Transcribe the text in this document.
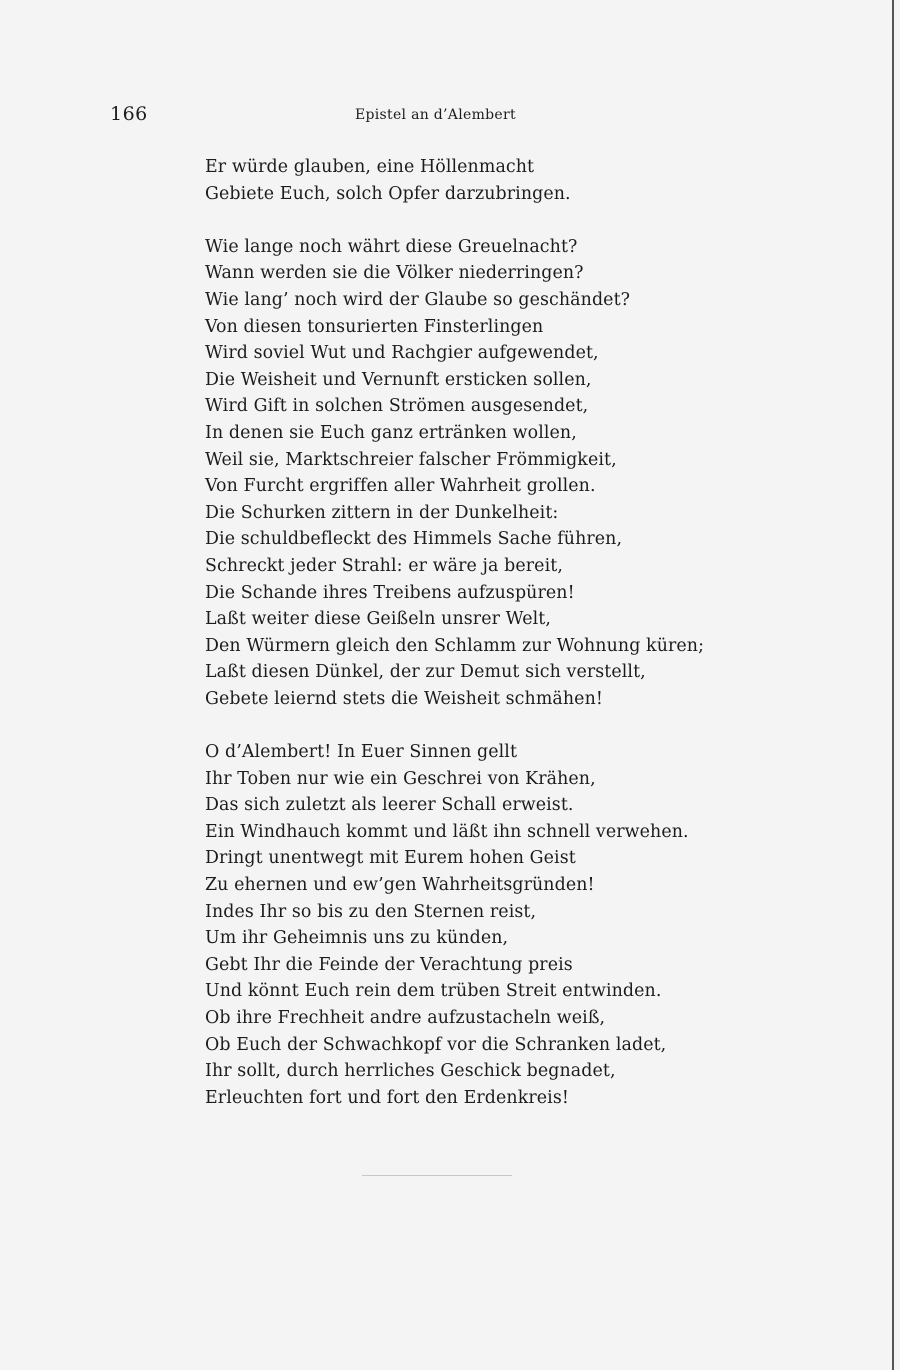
166	Epistel an d’Alembert
Er würde glauben, eine Höllenmacht
Gebiete Euch, solch Opfer darzubringen.
Wie lange noch währt diese Greuelnacht?
Wann werden sie die Völker niederringen?
Wie lang’ noch wird der Glaube so geschändet?
Von diesen tonsurierten Finsterlingen
Wird soviel Wut und Rachgier aufgewendet,
Die Weisheit und Vernunft ersticken sollen,
Wird Gift in solchen Strömen ausgesendet,
In denen sie Euch ganz ertränken wollen,
Weil sie, Marktschreier falscher Frömmigkeit,
Von Furcht ergriffen aller Wahrheit grollen.
Die Schurken zittern in der Dunkelheit:
Die schuldbefleckt des Himmels Sache führen,
Schreckt jeder Strahl: er wäre ja bereit,
Die Schande ihres Treibens aufzuspüren!
Laßt weiter diese Geißeln unsrer Welt,
Den Würmern gleich den Schlamm zur Wohnung küren;
Laßt diesen Dünkel, der zur Demut sich verstellt,
Gebete leiernd stets die Weisheit schmähen!
O d’Alembert! In Euer Sinnen gellt
Ihr Toben nur wie ein Geschrei von Krähen,
Das sich zuletzt als leerer Schall erweist.
Ein Windhauch kommt und läßt ihn schnell verwehen.
Dringt unentwegt mit Eurem hohen Geist
Zu ehernen und ew’gen Wahrheitsgründen!
Indes Ihr so bis zu den Sternen reist,
Um ihr Geheimnis uns zu künden,
Gebt Ihr die Feinde der Verachtung preis
Und könnt Euch rein dem trüben Streit entwinden.
Ob ihre Frechheit andre aufzustacheln weiß,
Ob Euch der Schwachkopf vor die Schranken ladet,
Ihr sollt, durch herrliches Geschick begnadet,
Erleuchten fort und fort den Erdenkreis!
